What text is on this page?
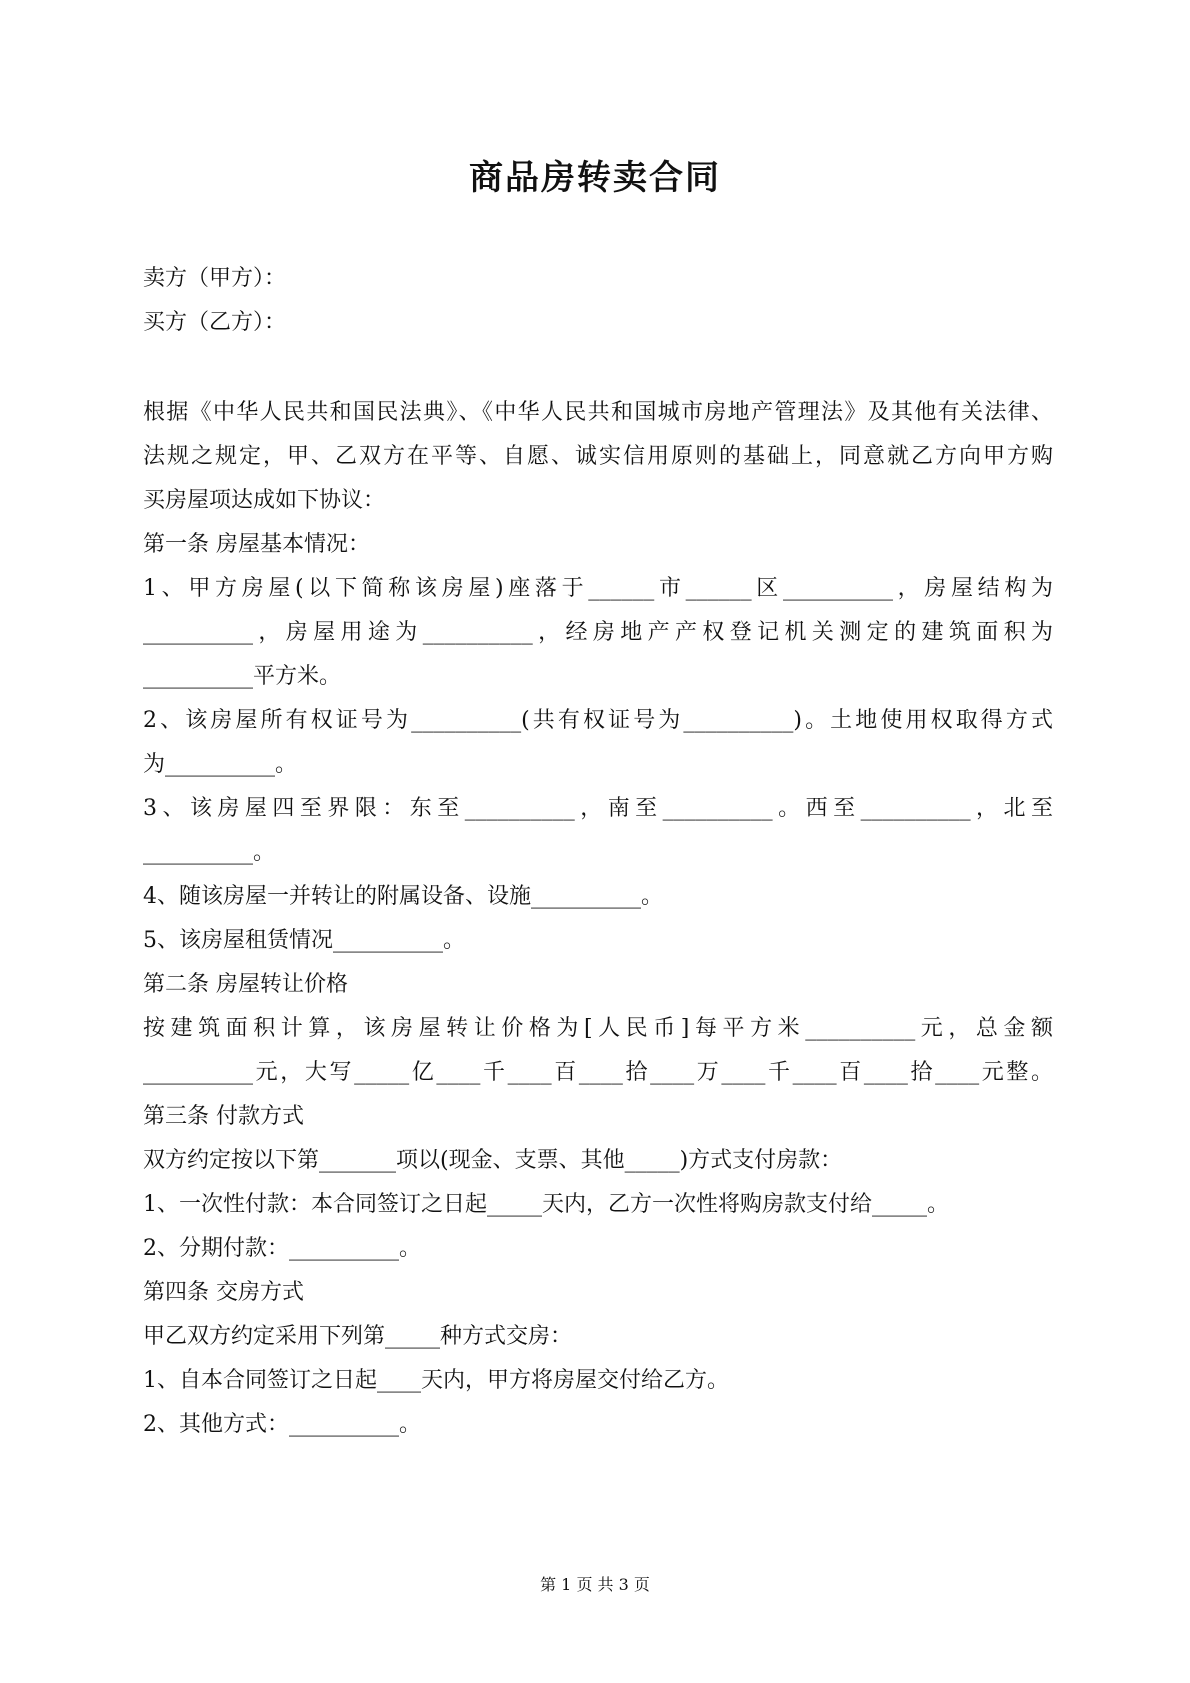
商品房转卖合同
卖方（甲方）：
买方（乙方）：
根据《中华人民共和国民法典》、《中华人民共和国城市房地产管理法》及其他有关法律、
法规之规定，甲、乙双方在平等、自愿、诚实信用原则的基础上，同意就乙方向甲方购
买房屋项达成如下协议：
第一条 房屋基本情况：
1、甲方房屋(以下简称该房屋)座落于______市______区__________，房屋结构为
__________，房屋用途为__________，经房地产产权登记机关测定的建筑面积为
__________平方米。
2、该房屋所有权证号为__________(共有权证号为__________)。土地使用权取得方式
为__________。
3、该房屋四至界限：东至__________，南至__________。西至__________，北至
__________。
4、随该房屋一并转让的附属设备、设施__________。
5、该房屋租赁情况__________。
第二条 房屋转让价格
按建筑面积计算，该房屋转让价格为[人民币]每平方米__________元，总金额
__________元，大写_____亿____千____百____拾____万____千____百____拾____元整。
第三条 付款方式
双方约定按以下第_______项以(现金、支票、其他_____)方式支付房款：
1、一次性付款：本合同签订之日起_____天内，乙方一次性将购房款支付给_____。
2、分期付款：__________。
第四条 交房方式
甲乙双方约定采用下列第_____种方式交房：
1、自本合同签订之日起____天内，甲方将房屋交付给乙方。
2、其他方式：__________。
第 1 页 共 3 页
